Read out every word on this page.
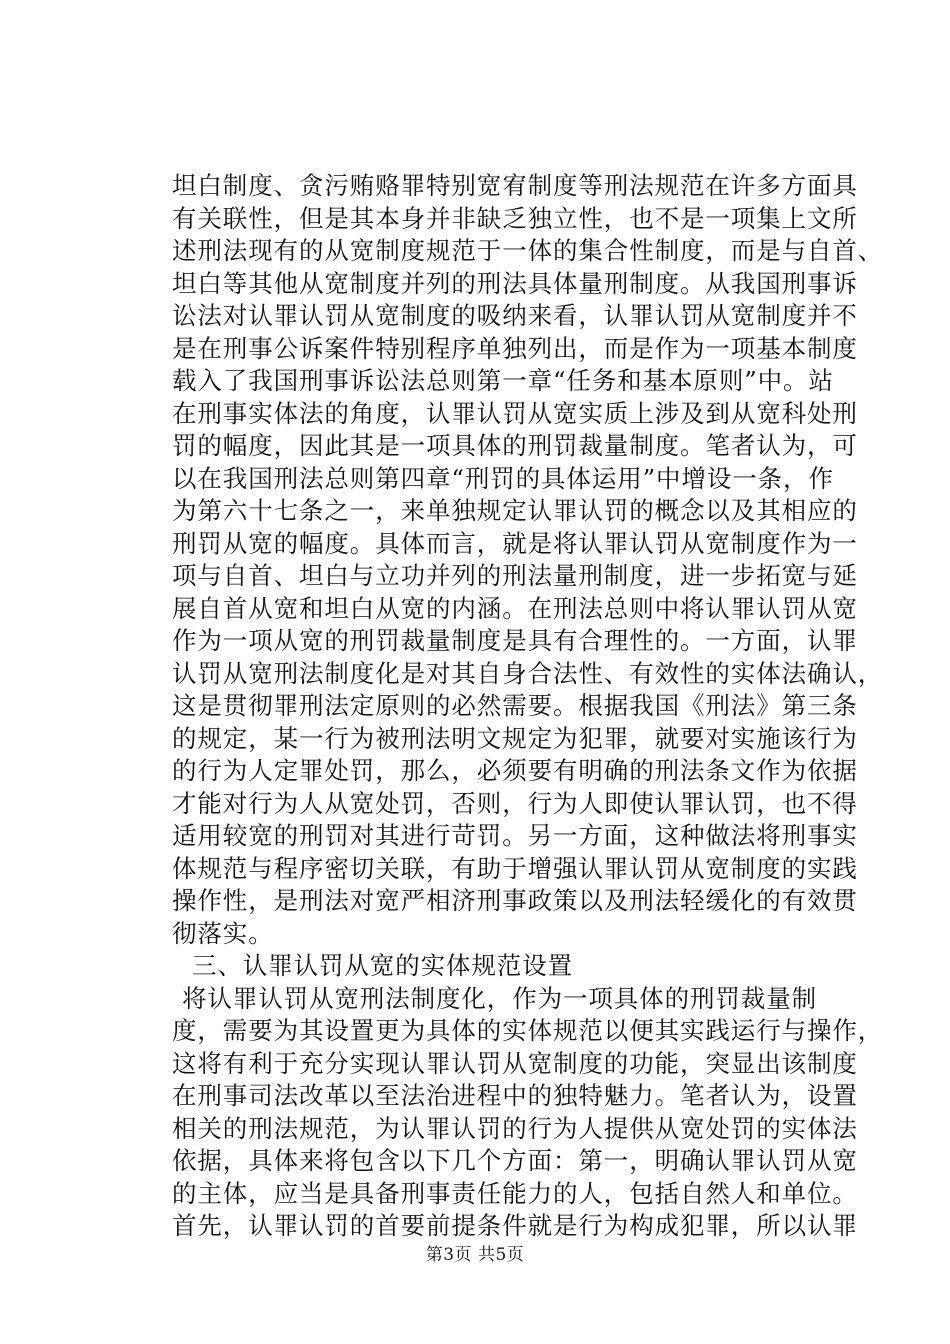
坦白制度、贪污贿赂罪特别宽宥制度等刑法规范在许多方面具
有关联性，但是其本身并非缺乏独立性，也不是一项集上文所
述刑法现有的从宽制度规范于一体的集合性制度，而是与自首、
坦白等其他从宽制度并列的刑法具体量刑制度。从我国刑事诉
讼法对认罪认罚从宽制度的吸纳来看，认罪认罚从宽制度并不
是在刑事公诉案件特别程序单独列出，而是作为一项基本制度
载入了我国刑事诉讼法总则第一章“任务和基本原则”中。站
在刑事实体法的角度，认罪认罚从宽实质上涉及到从宽科处刑
罚的幅度，因此其是一项具体的刑罚裁量制度。笔者认为，可
以在我国刑法总则第四章“刑罚的具体运用”中增设一条，作
为第六十七条之一，来单独规定认罪认罚的概念以及其相应的
刑罚从宽的幅度。具体而言，就是将认罪认罚从宽制度作为一
项与自首、坦白与立功并列的刑法量刑制度，进一步拓宽与延
展自首从宽和坦白从宽的内涵。在刑法总则中将认罪认罚从宽
作为一项从宽的刑罚裁量制度是具有合理性的。一方面，认罪
认罚从宽刑法制度化是对其自身合法性、有效性的实体法确认，
这是贯彻罪刑法定原则的必然需要。根据我国《刑法》第三条
的规定，某一行为被刑法明文规定为犯罪，就要对实施该行为
的行为人定罪处罚，那么，必须要有明确的刑法条文作为依据
才能对行为人从宽处罚，否则，行为人即使认罪认罚，也不得
适用较宽的刑罚对其进行苛罚。另一方面，这种做法将刑事实
体规范与程序密切关联，有助于增强认罪认罚从宽制度的实践
操作性，是刑法对宽严相济刑事政策以及刑法轻缓化的有效贯
彻落实。
三、认罪认罚从宽的实体规范设置
将认罪认罚从宽刑法制度化，作为一项具体的刑罚裁量制
度，需要为其设置更为具体的实体规范以便其实践运行与操作，
这将有利于充分实现认罪认罚从宽制度的功能，突显出该制度
在刑事司法改革以至法治进程中的独特魅力。笔者认为，设置
相关的刑法规范，为认罪认罚的行为人提供从宽处罚的实体法
依据，具体来将包含以下几个方面：第一，明确认罪认罚从宽
的主体，应当是具备刑事责任能力的人，包括自然人和单位。
首先，认罪认罚的首要前提条件就是行为构成犯罪，所以认罪
第3页 共5页
